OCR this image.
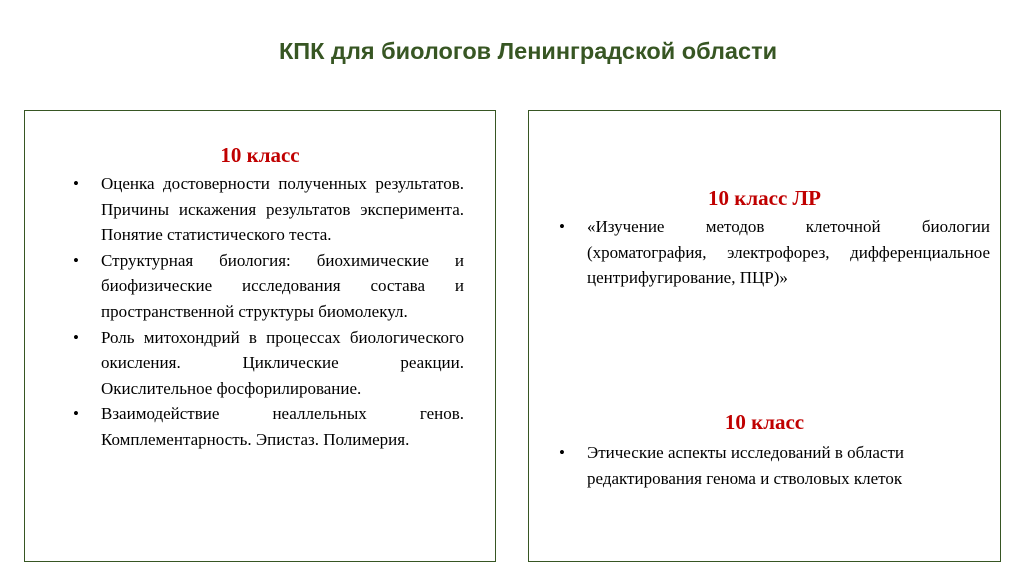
КПК для биологов Ленинградской области
10 класс
• Оценка достоверности полученных результатов. Причины искажения результатов эксперимента. Понятие статистического теста.
• Структурная биология: биохимические и биофизические исследования состава и пространственной структуры биомолекул.
• Роль митохондрий в процессах биологического окисления. Циклические реакции. Окислительное фосфорилирование.
• Взаимодействие неаллельных генов. Комплементарность. Эпистаз. Полимерия.
10 класс ЛР
• «Изучение методов клеточной биологии (хроматография, электрофорез, дифференциальное центрифугирование, ПЦР)»
10 класс
• Этические аспекты исследований в области редактирования генома и стволовых клеток
